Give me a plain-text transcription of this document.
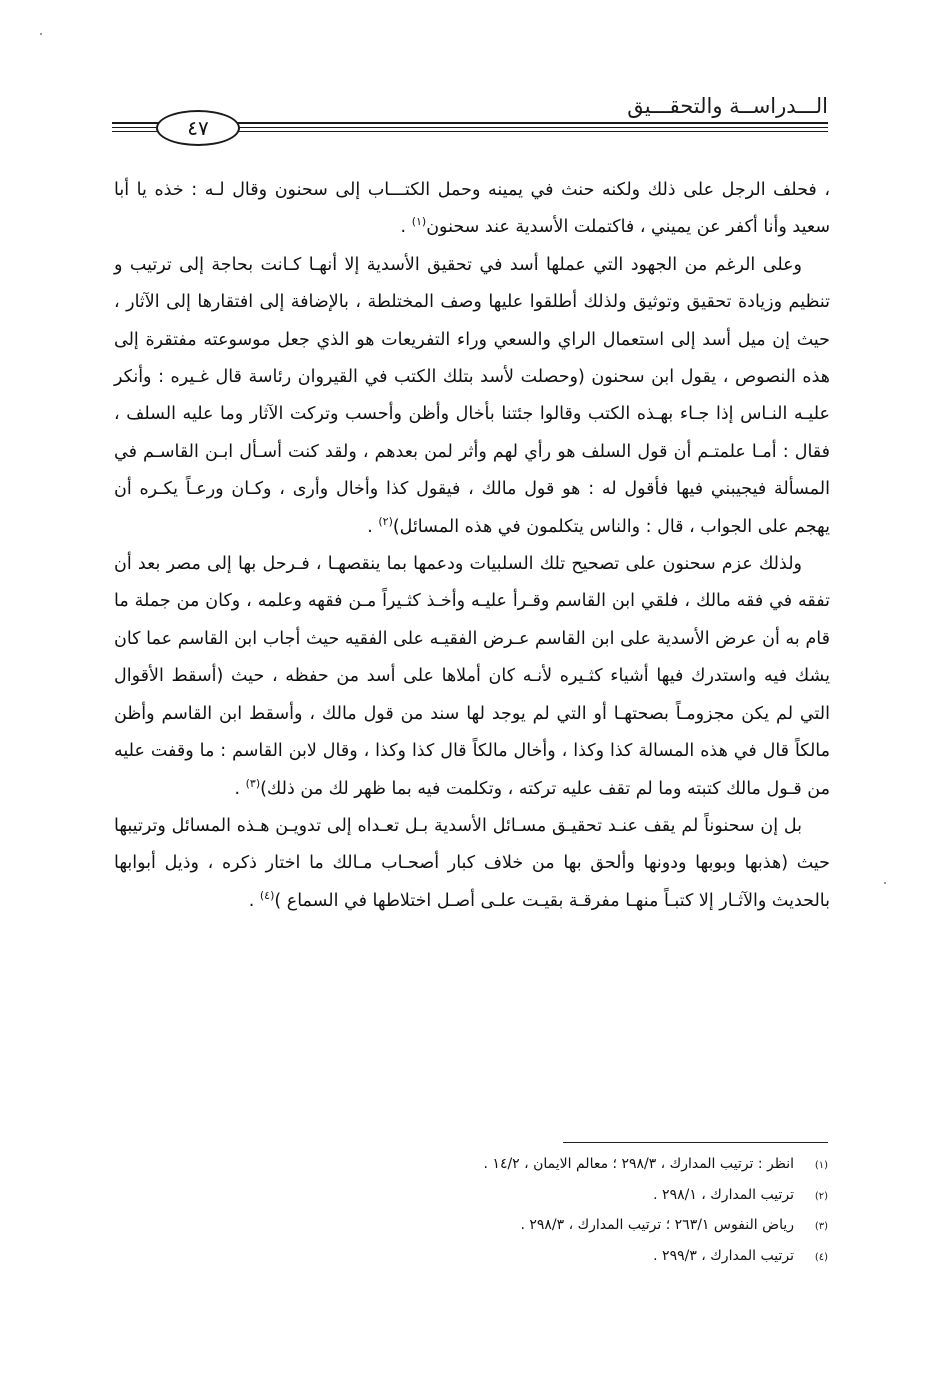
الـــدراســة والتحقـــيق
٤٧

، فحلف الرجل على ذلك ولكنه حنث في يمينه وحمل الكتـــاب إلى سحنون وقال لـه : خذه يا أبا سعيد وأنا أكفر عن يميني ، فاكتملت الأسدية عند سحنون$^{(١)}$ .

وعلى الرغم من الجهود التي عملها أسد في تحقيق الأسدية إلا أنهـا كـانت بحاجة إلى ترتيب و تنظيم وزيادة تحقيق وتوثيق ولذلك أطلقوا عليها وصف المختلطة ، بالإضافة إلى افتقارها إلى الآثار ، حيث إن ميل أسد إلى استعمال الراي والسعي وراء التفريعات هو الذي جعل موسوعته مفتقرة إلى هذه النصوص ، يقول ابن سحنون (وحصلت لأسد بتلك الكتب في القيروان رئاسة قال غـيره : وأنكر عليـه النـاس إذا جـاء بهـذه الكتب وقالوا جئتنا بأخال وأظن وأحسب وتركت الآثار وما عليه السلف ، فقال : أمـا علمتـم أن قول السلف هو رأي لهم وأثر لمن بعدهم ، ولقد كنت أسـأل ابـن القاسـم في المسألة فيجيبني فيها فأقول له : هو قول مالك ، فيقول كذا وأخال وأرى ، وكـان ورعـاً يكـره أن يهجم على الجواب ، قال : والناس يتكلمون في هذه المسائل)$^{(٢)}$ .

ولذلك عزم سحنون على تصحيح تلك السلبيات ودعمها بما ينقصهـا ، فـرحل بها إلى مصر بعد أن تفقه في فقه مالك ، فلقي ابن القاسم وقـرأ عليـه وأخـذ كثـيراً مـن فقهه وعلمه ، وكان من جملة ما قام به أن عرض الأسدية على ابن القاسم عـرض الفقيـه على الفقيه حيث أجاب ابن القاسم عما كان يشك فيه واستدرك فيها أشياء كثـيره لأنـه كان أملاها على أسد من حفظه ، حيث (أسقط الأقوال التي لم يكن مجزومـاً بصحتهـا أو التي لم يوجد لها سند من قول مالك ، وأسقط ابن القاسم وأظن مالكاً قال في هذه المسالة كذا وكذا ، وأخال مالكاً قال كذا وكذا ، وقال لابن القاسم : ما وقفت عليه من قـول مالك كتبته وما لم تقف عليه تركته ، وتكلمت فيه بما ظهر لك من ذلك)$^{(٣)}$ .

بل إن سحنوناً لم يقف عنـد تحقيـق مسـائل الأسدية بـل تعـداه إلى تدويـن هـذه المسائل وترتيبها حيث (هذبها وبوبها ودونها وألحق بها من خلاف كبار أصحـاب مـالك ما اختار ذكره ، وذيل أبوابها بالحديث والآثـار إلا كتبـاً منهـا مفرقـة بقيـت علـى أصـل اختلاطها في السماع )$^{(٤)}$ .

(١)
انظر : ترتيب المدارك ، ٢٩٨/٣ ؛ معالم الايمان ، ١٤/٢ .
(٢)
ترتيب المدارك ، ٢٩٨/١ .
(٣)
رياض النفوس ٢٦٣/١ ؛ ترتيب المدارك ، ٢٩٨/٣ .
(٤)
ترتيب المدارك ، ٢٩٩/٣ .
